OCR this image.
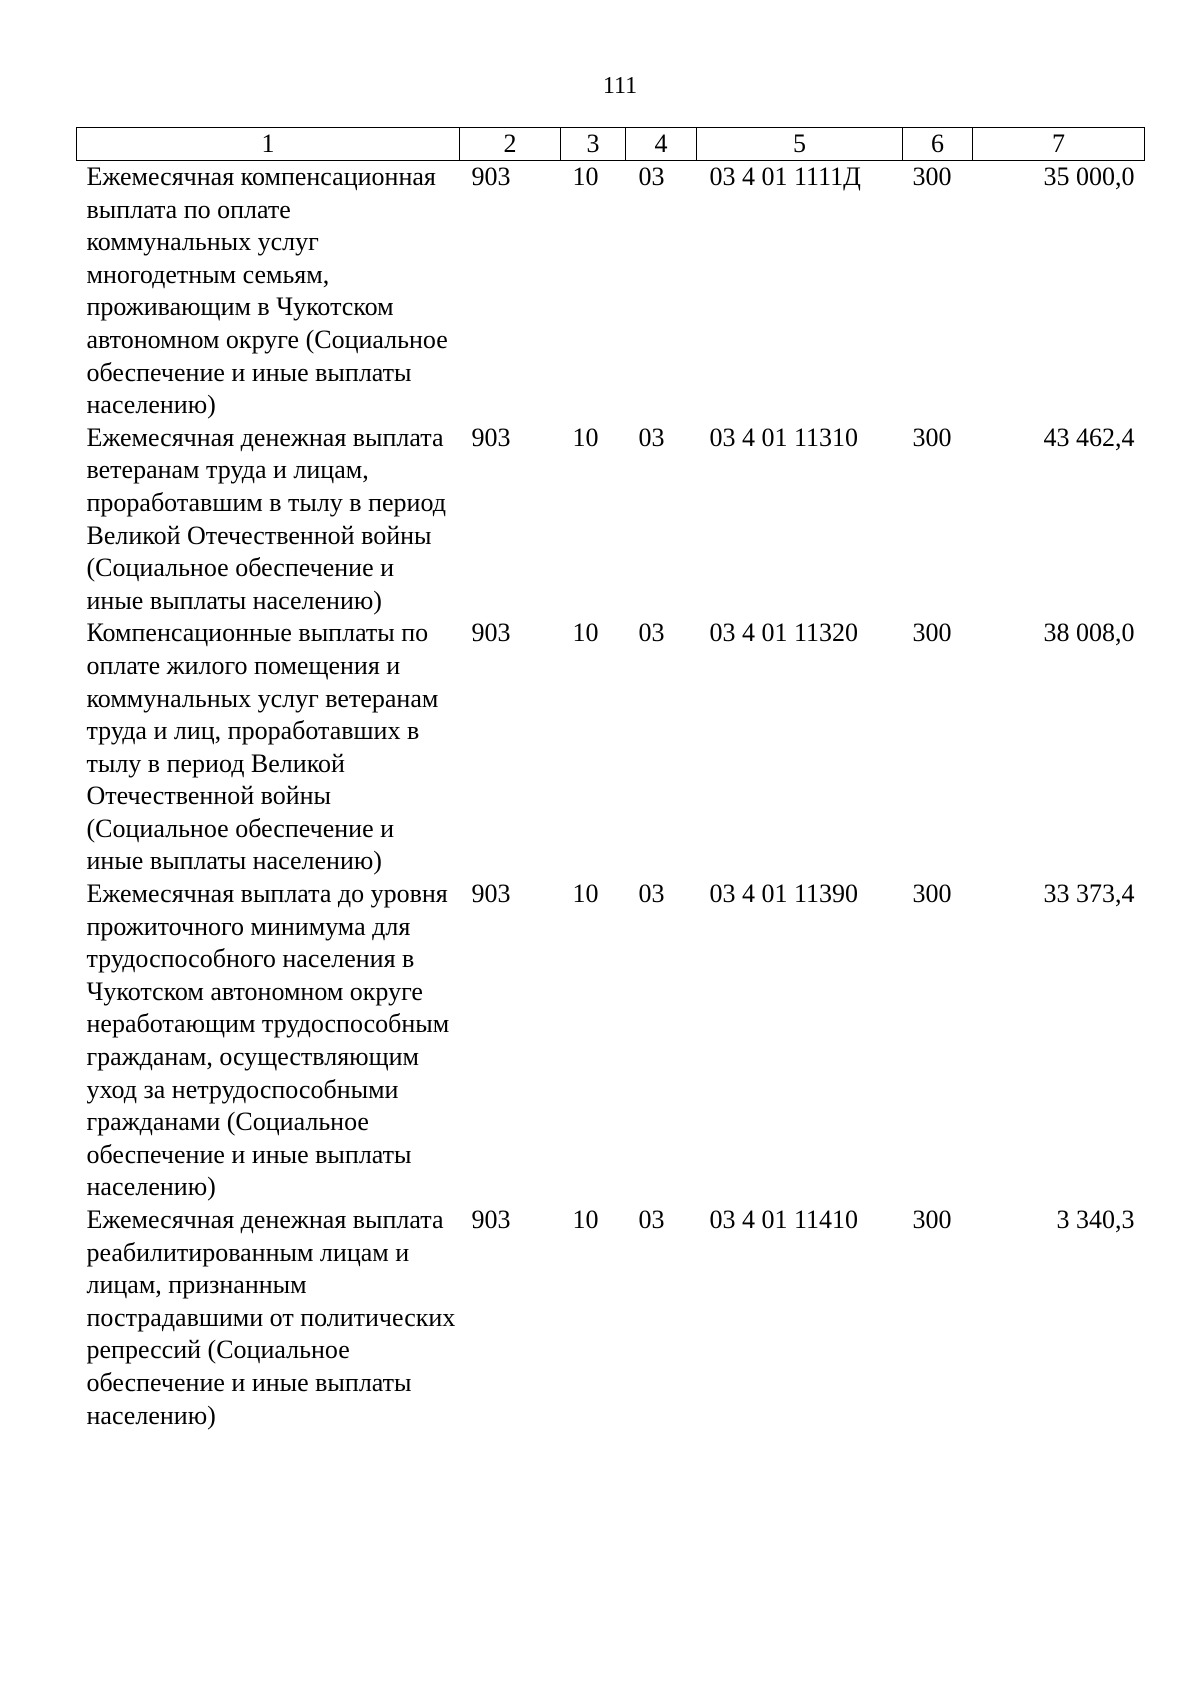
111
1	2	3	4	5	6	7
Ежемесячная компенсационная выплата по оплате коммунальных услуг многодетным семьям, проживающим в Чукотском автономном округе (Социальное обеспечение и иные выплаты населению)	903	10	03	03 4 01 1111Д	300	35 000,0
Ежемесячная денежная выплата ветеранам труда и лицам, проработавшим в тылу в период Великой Отечественной войны (Социальное обеспечение и иные выплаты населению)	903	10	03	03 4 01 11310	300	43 462,4
Компенсационные выплаты по оплате жилого помещения и коммунальных услуг ветеранам труда и лиц, проработавших в тылу в период Великой Отечественной войны (Социальное обеспечение и иные выплаты населению)	903	10	03	03 4 01 11320	300	38 008,0
Ежемесячная выплата до уровня прожиточного минимума для трудоспособного населения в Чукотском автономном округе неработающим трудоспособным гражданам, осуществляющим уход за нетрудоспособными гражданами (Социальное обеспечение и иные выплаты населению)	903	10	03	03 4 01 11390	300	33 373,4
Ежемесячная денежная выплата реабилитированным лицам и лицам, признанным пострадавшими от политических репрессий (Социальное обеспечение и иные выплаты населению)	903	10	03	03 4 01 11410	300	3 340,3
